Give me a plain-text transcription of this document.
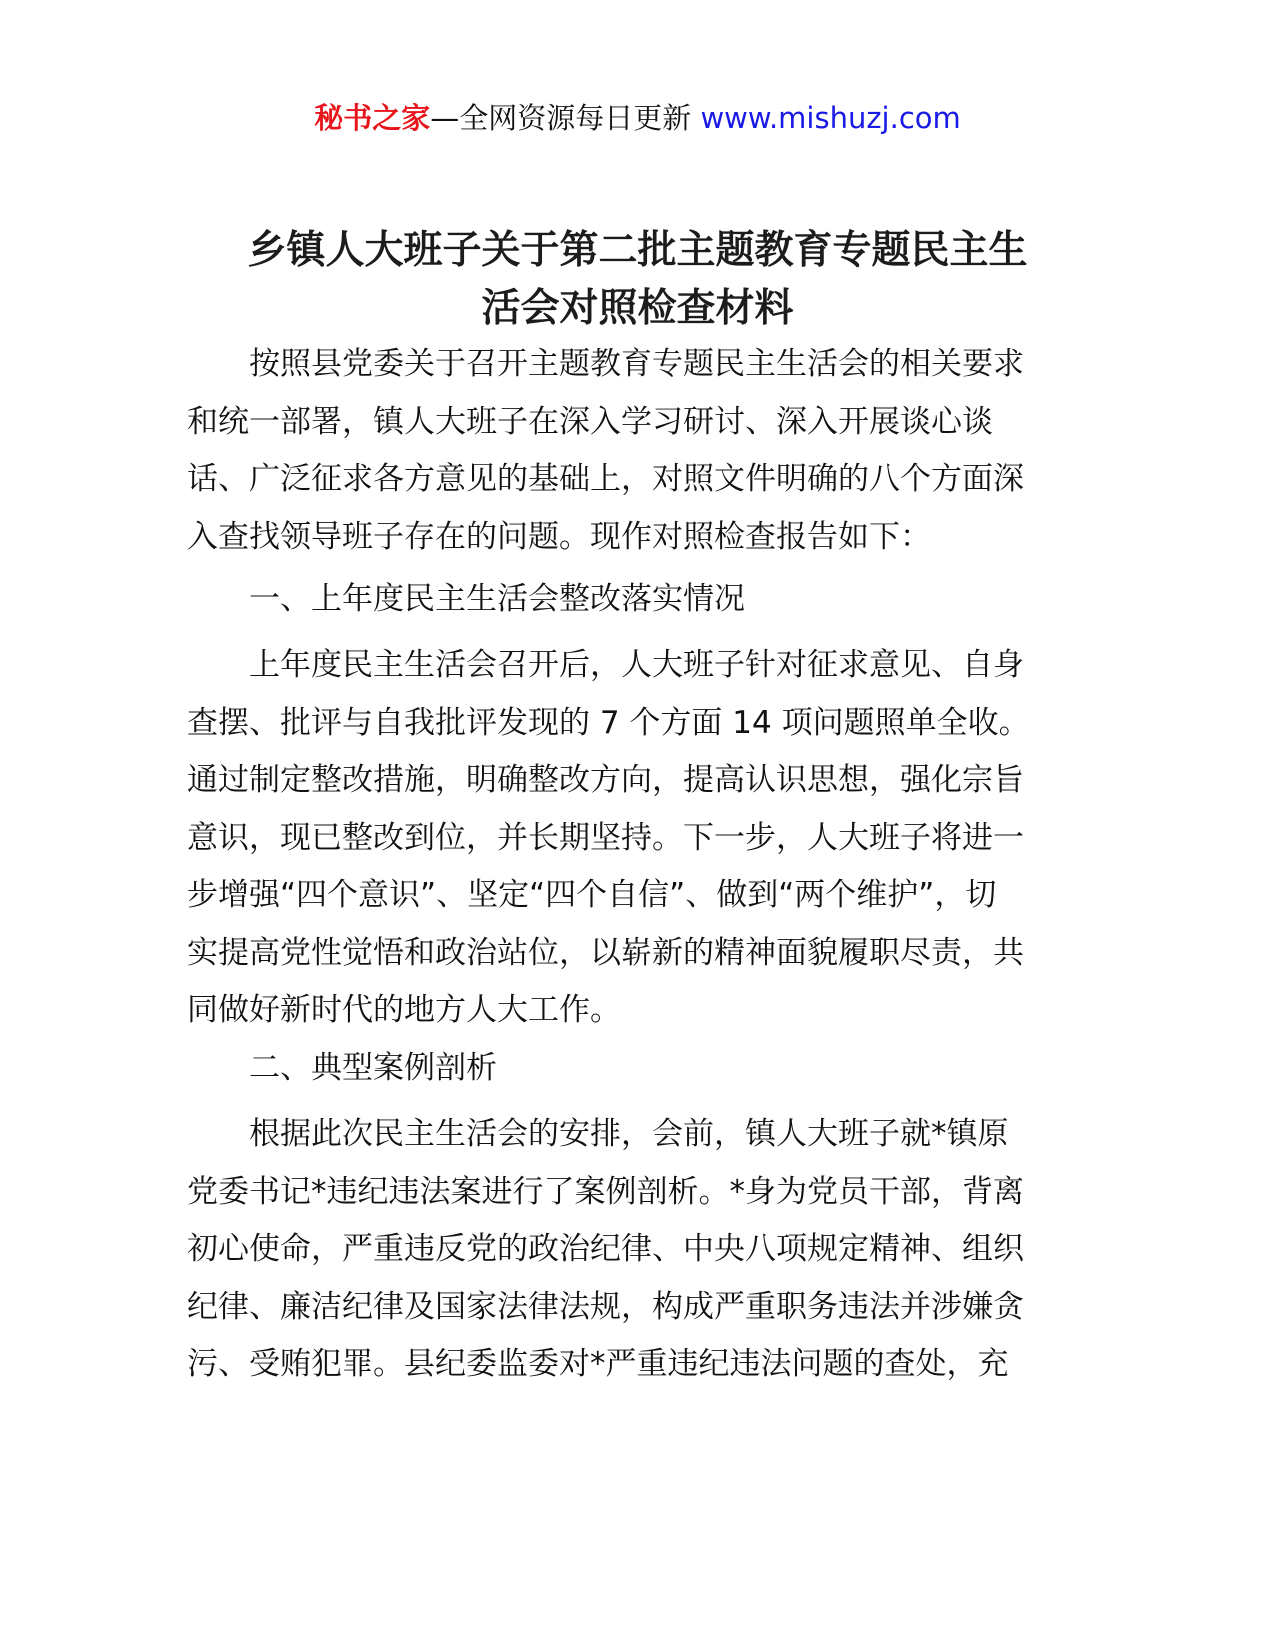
秘书之家—全网资源每日更新 www.mishuzj.com
乡镇人大班子关于第二批主题教育专题民主生
活会对照检查材料

按照县党委关于召开主题教育专题民主生活会的相关要求
和统一部署，镇人大班子在深入学习研讨、深入开展谈心谈
话、广泛征求各方意见的基础上，对照文件明确的八个方面深
入查找领导班子存在的问题。现作对照检查报告如下：

一、上年度民主生活会整改落实情况

上年度民主生活会召开后，人大班子针对征求意见、自身
查摆、批评与自我批评发现的 7 个方面 14 项问题照单全收。
通过制定整改措施，明确整改方向，提高认识思想，强化宗旨
意识，现已整改到位，并长期坚持。下一步，人大班子将进一
步增强“四个意识”、坚定“四个自信”、做到“两个维护”，切
实提高党性觉悟和政治站位，以崭新的精神面貌履职尽责，共
同做好新时代的地方人大工作。

二、典型案例剖析

根据此次民主生活会的安排，会前，镇人大班子就*镇原
党委书记*违纪违法案进行了案例剖析。*身为党员干部，背离
初心使命，严重违反党的政治纪律、中央八项规定精神、组织
纪律、廉洁纪律及国家法律法规，构成严重职务违法并涉嫌贪
污、受贿犯罪。县纪委监委对*严重违纪违法问题的查处，充
